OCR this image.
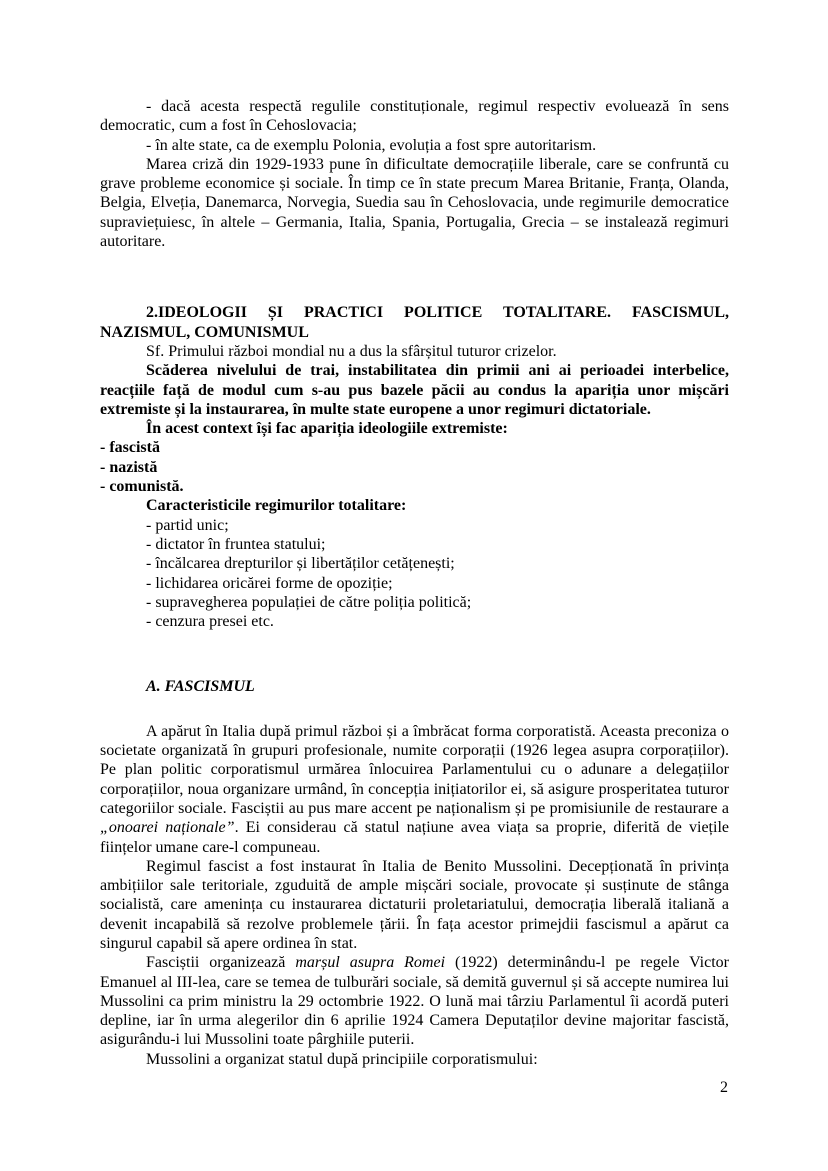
- dacă acesta respectă regulile constituționale, regimul respectiv evoluează în sens democratic, cum a fost în Cehoslovacia;

- în alte state, ca de exemplu Polonia, evoluția a fost spre autoritarism.

Marea criză din 1929-1933 pune în dificultate democrațiile liberale, care se confruntă cu grave probleme economice și sociale. În timp ce în state precum Marea Britanie, Franța, Olanda, Belgia, Elveția, Danemarca, Norvegia, Suedia sau în Cehoslovacia, unde regimurile democratice supraviețuiesc, în altele – Germania, Italia, Spania, Portugalia, Grecia – se instalează regimuri autoritare.

2.IDEOLOGII ȘI PRACTICI POLITICE TOTALITARE. FASCISMUL, NAZISMUL, COMUNISMUL

Sf. Primului război mondial nu a dus la sfârșitul tuturor crizelor.

Scăderea nivelului de trai, instabilitatea din primii ani ai perioadei interbelice, reacțiile față de modul cum s-au pus bazele păcii au condus la apariția unor mișcări extremiste și la instaurarea, în multe state europene a unor regimuri dictatoriale.

În acest context își fac apariția ideologiile extremiste:

- fascistă

- nazistă

- comunistă.

Caracteristicile regimurilor totalitare:

- partid unic;

- dictator în fruntea statului;

- încălcarea drepturilor și libertăților cetățenești;

- lichidarea oricărei forme de opoziție;

- supravegherea populației de către poliția politică;

- cenzura presei etc.

A. FASCISMUL

A apărut în Italia după primul război și a îmbrăcat forma corporatistă. Aceasta preconiza o societate organizată în grupuri profesionale, numite corporații (1926 legea asupra corporațiilor). Pe plan politic corporatismul urmărea înlocuirea Parlamentului cu o adunare a delegațiilor corporațiilor, noua organizare urmând, în concepția inițiatorilor ei, să asigure prosperitatea tuturor categoriilor sociale. Fasciștii au pus mare accent pe naționalism și pe promisiunile de restaurare a „onoarei naționale”. Ei considerau că statul națiune avea viața sa proprie, diferită de viețile ființelor umane care-l compuneau.

Regimul fascist a fost instaurat în Italia de Benito Mussolini. Decepționată în privința ambițiilor sale teritoriale, zguduită de ample mișcări sociale, provocate și susținute de stânga socialistă, care amenința cu instaurarea dictaturii proletariatului, democrația liberală italiană a devenit incapabilă să rezolve problemele țării. În fața acestor primejdii fascismul a apărut ca singurul capabil să apere ordinea în stat.

Fasciștii organizează marșul asupra Romei (1922) determinându-l pe regele Victor Emanuel al III-lea, care se temea de tulburări sociale, să demită guvernul și să accepte numirea lui Mussolini ca prim ministru la 29 octombrie 1922. O lună mai târziu Parlamentul îi acordă puteri depline, iar în urma alegerilor din 6 aprilie 1924 Camera Deputaților devine majoritar fascistă, asigurându-i lui Mussolini toate pârghiile puterii.

Mussolini a organizat statul după principiile corporatismului:

2
